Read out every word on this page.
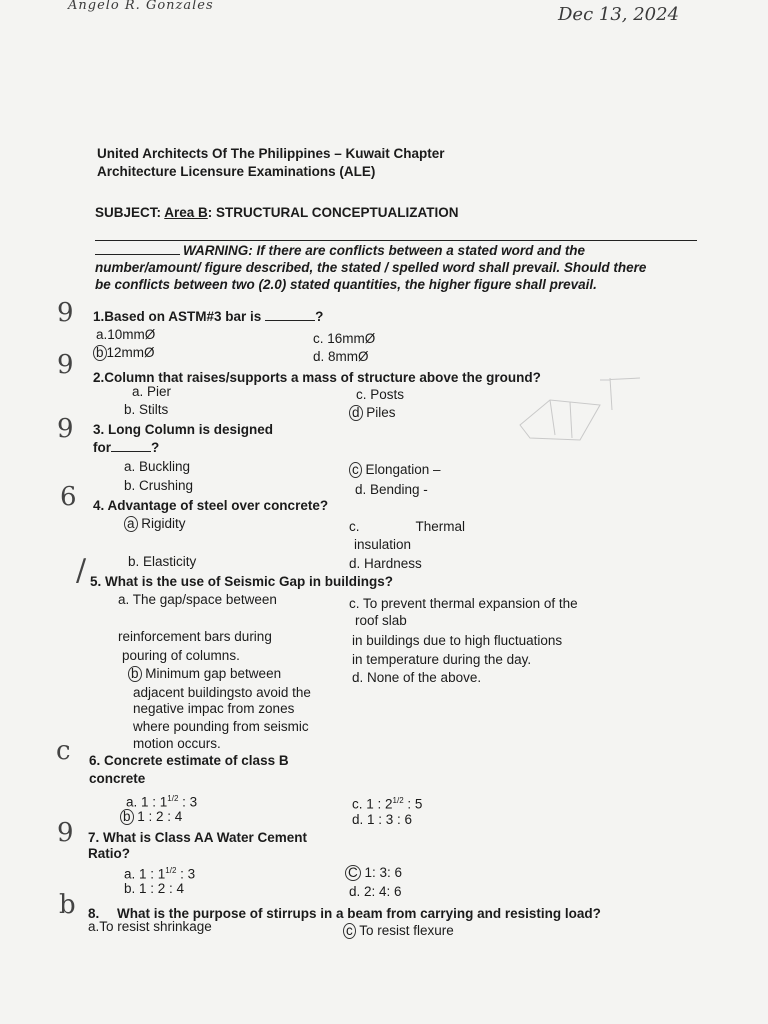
Angelo R. Gonzales	Dec 13, 2024
United Architects Of The Philippines – Kuwait Chapter
Architecture Licensure Examinations (ALE)
SUBJECT: Area B: STRUCTURAL CONCEPTUALIZATION
WARNING: If there are conflicts between a stated word and the
number/amount/ figure described, the stated / spelled word shall prevail. Should there
be conflicts between two (2.0) stated quantities, the higher figure shall prevail.
9
9
9
6
/
c
9
b
1.Based on ASTM#3 bar is	?
a.10mmØ
b 12mmØ
c. 16mmØ
d. 8mmØ
2.Column that raises/supports a mass of structure above the ground?
a. Pier
b. Stilts
c. Posts
d Piles
3. Long Column is designed
for	?
a. Buckling
b. Crushing
c Elongation –
d. Bending -
4. Advantage of steel over concrete?
a Rigidity
b. Elasticity
c.	Thermal
insulation
d. Hardness
5. What is the use of Seismic Gap in buildings?
a. The gap/space between
reinforcement bars during
pouring of columns.
b Minimum gap between
adjacent buildingsto avoid the
negative impac from zones
where pounding from seismic
motion occurs.
c. To prevent thermal expansion of the
roof slab
in buildings due to high fluctuations
in temperature during the day.
d. None of the above.
6. Concrete estimate of class B
concrete
a. 1 : $1^{1/2}$ : 3
b 1 : 2 : 4
c. 1 : $2^{1/2}$ : 5
d. 1 : 3 : 6
7. What is Class AA Water Cement
Ratio?
a. 1 : $1^{1/2}$ : 3
b. 1 : 2 : 4
C 1: 3: 6
d. 2: 4: 6
8. What is the purpose of stirrups in a beam from carrying and resisting load?
a.To resist shrinkage	c To resist flexure
